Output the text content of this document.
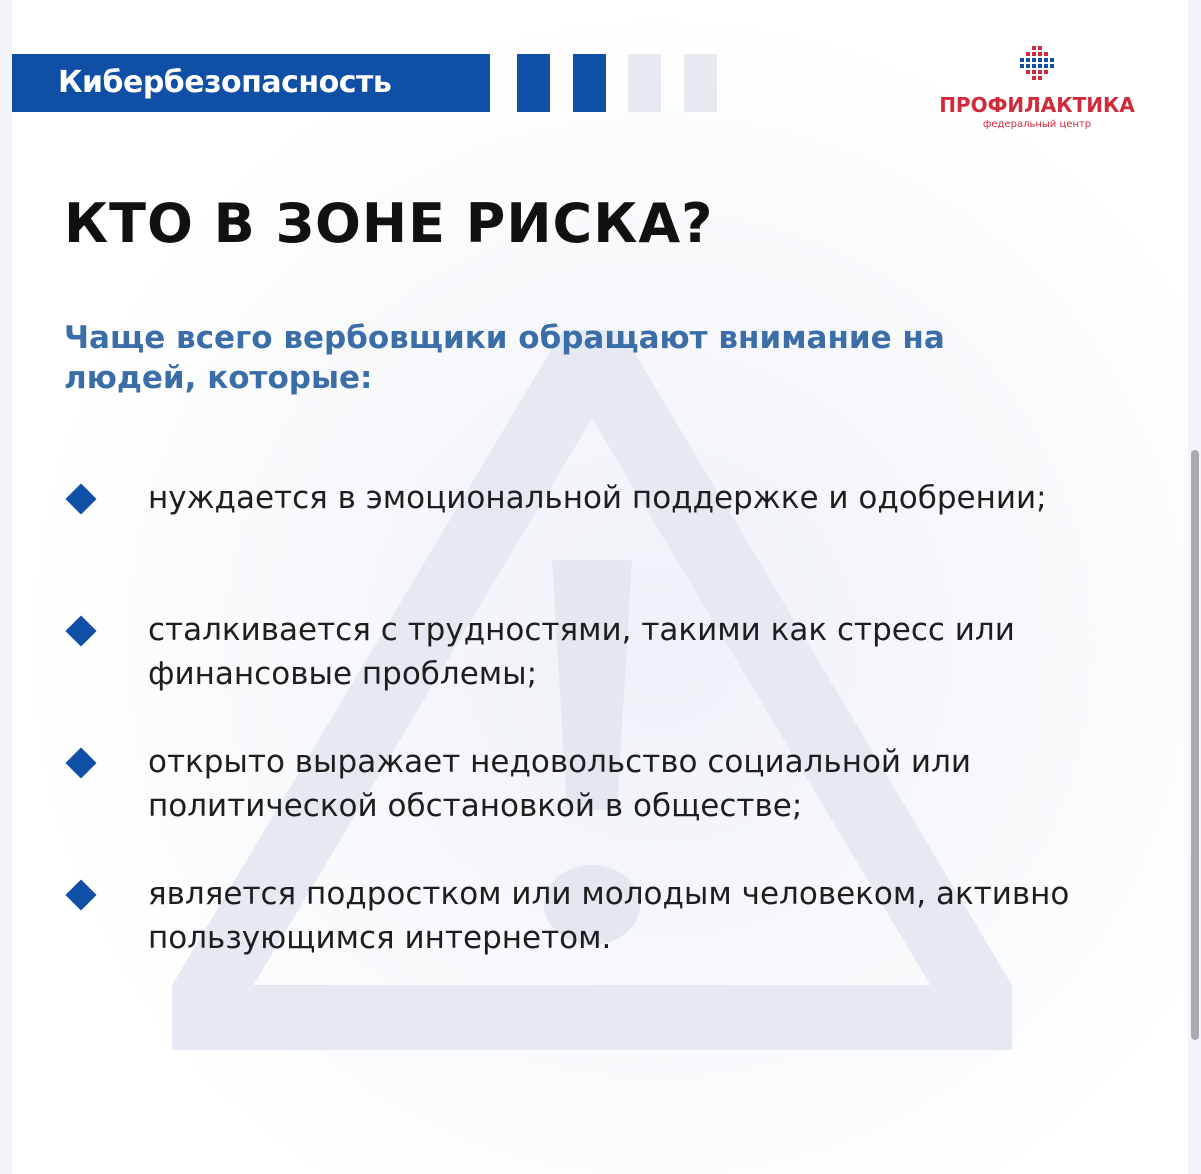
Кибербезопасность
ПРОФИЛАКТИКА
федеральный центр
КТО В ЗОНЕ РИСКА?
Чаще всего вербовщики обращают внимание на людей, которые:
нуждается в эмоциональной поддержке и одобрении;
сталкивается с трудностями, такими как стресс или финансовые проблемы;
открыто выражает недовольство социальной или политической обстановкой в обществе;
является подростком или молодым человеком, активно пользующимся интернетом.
